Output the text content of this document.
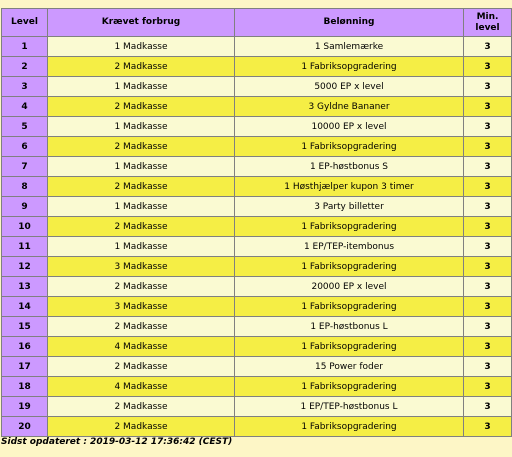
Level	Krævet forbrug	Belønning	Min.
level
1	1 Madkasse	1 Samlemærke	3
2	2 Madkasse	1 Fabriksopgradering	3
3	1 Madkasse	5000 EP x level	3
4	2 Madkasse	3 Gyldne Bananer	3
5	1 Madkasse	10000 EP x level	3
6	2 Madkasse	1 Fabriksopgradering	3
7	1 Madkasse	1 EP-høstbonus S	3
8	2 Madkasse	1 Høsthjælper kupon 3 timer	3
9	1 Madkasse	3 Party billetter	3
10	2 Madkasse	1 Fabriksopgradering	3
11	1 Madkasse	1 EP/TEP-itembonus	3
12	3 Madkasse	1 Fabriksopgradering	3
13	2 Madkasse	20000 EP x level	3
14	3 Madkasse	1 Fabriksopgradering	3
15	2 Madkasse	1 EP-høstbonus L	3
16	4 Madkasse	1 Fabriksopgradering	3
17	2 Madkasse	15 Power foder	3
18	4 Madkasse	1 Fabriksopgradering	3
19	2 Madkasse	1 EP/TEP-høstbonus L	3
20	2 Madkasse	1 Fabriksopgradering	3
Sidst opdateret : 2019-03-12 17:36:42 (CEST)
